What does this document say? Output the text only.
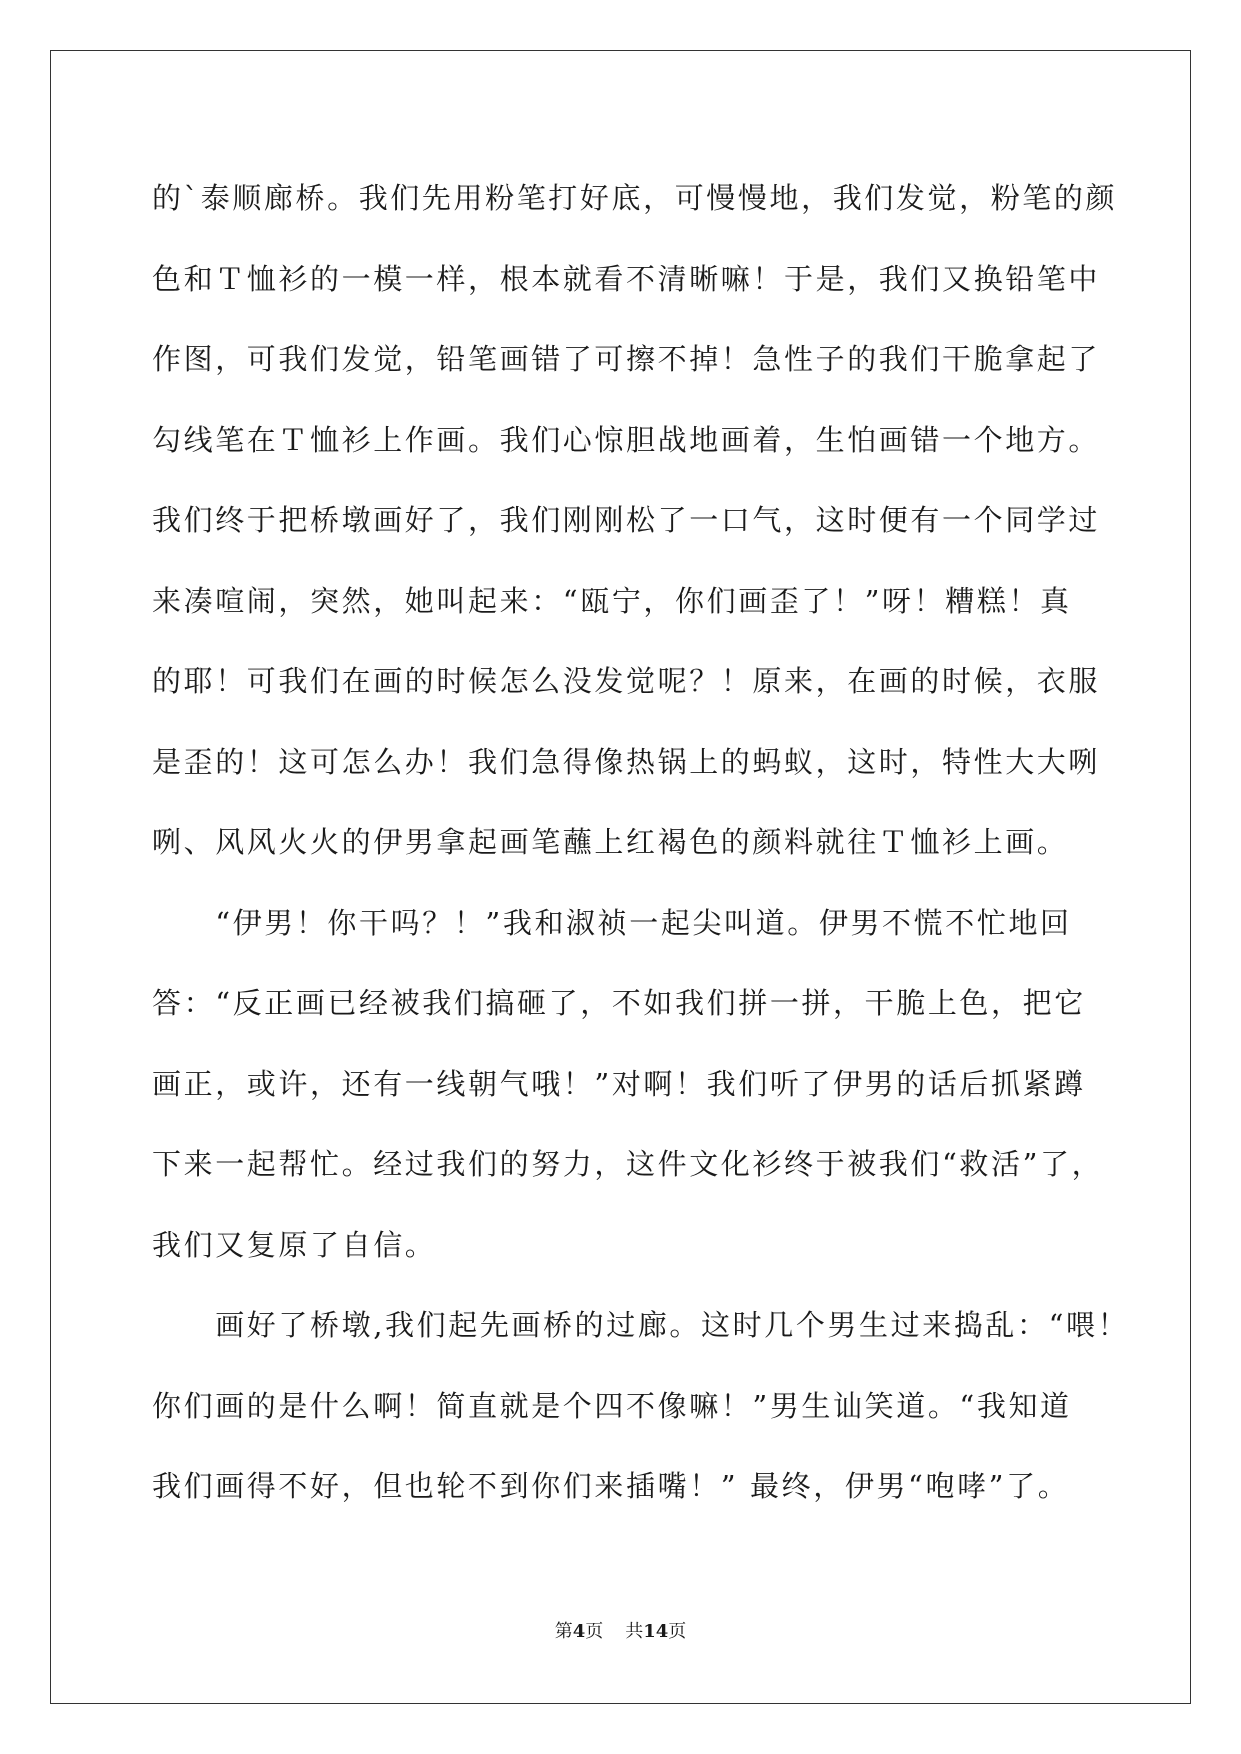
的`泰顺廊桥。我们先用粉笔打好底，可慢慢地，我们发觉，粉笔的颜

色和Ｔ恤衫的一模一样，根本就看不清晰嘛！于是，我们又换铅笔中

作图，可我们发觉，铅笔画错了可擦不掉！急性子的我们干脆拿起了

勾线笔在Ｔ恤衫上作画。我们心惊胆战地画着，生怕画错一个地方。

我们终于把桥墩画好了，我们刚刚松了一口气，这时便有一个同学过

来凑喧闹，突然，她叫起来：“瓯宁，你们画歪了！”呀！糟糕！真

的耶！可我们在画的时候怎么没发觉呢？！原来，在画的时候，衣服

是歪的！这可怎么办！我们急得像热锅上的蚂蚁，这时，特性大大咧

咧、风风火火的伊男拿起画笔蘸上红褐色的颜料就往Ｔ恤衫上画。

　　“伊男！你干吗？！”我和淑祯一起尖叫道。伊男不慌不忙地回

答：“反正画已经被我们搞砸了，不如我们拼一拼，干脆上色，把它

画正，或许，还有一线朝气哦！”对啊！我们听了伊男的话后抓紧蹲

下来一起帮忙。经过我们的努力，这件文化衫终于被我们“救活”了，

我们又复原了自信。

　　画好了桥墩,我们起先画桥的过廊。这时几个男生过来捣乱：“喂！

你们画的是什么啊！简直就是个四不像嘛！”男生讪笑道。“我知道

我们画得不好，但也轮不到你们来插嘴！” 最终，伊男“咆哮”了。

第4页 共14页
